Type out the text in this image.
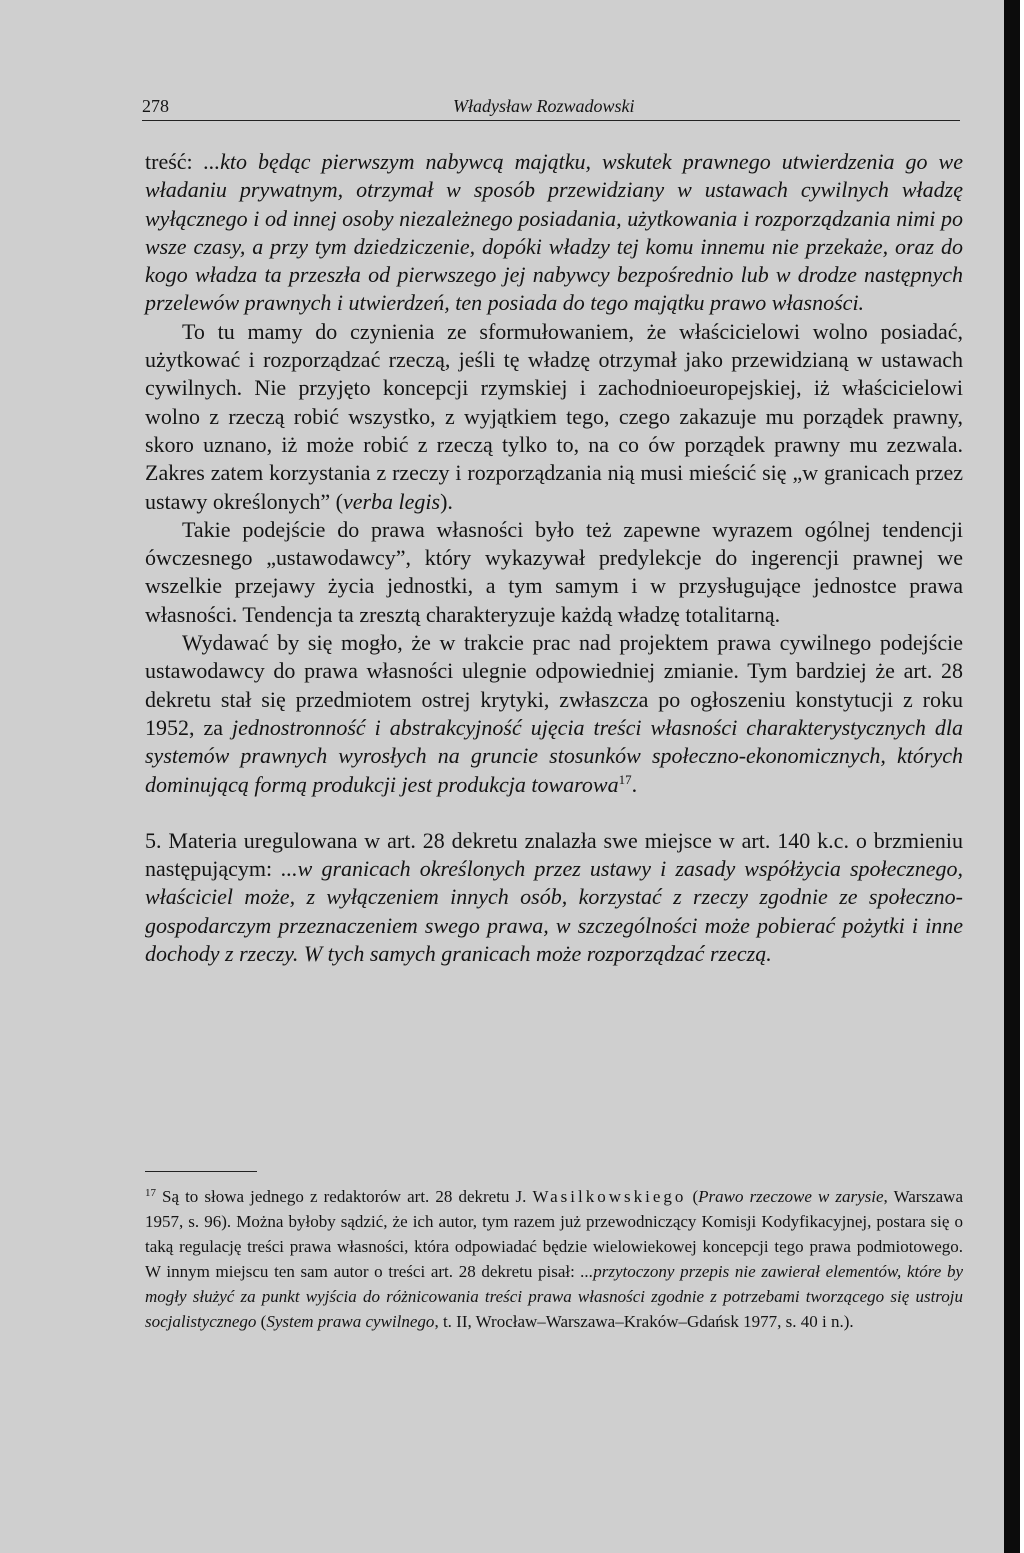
278	Władysław Rozwadowski

treść: ...kto będąc pierwszym nabywcą majątku, wskutek prawnego utwierdzenia go we władaniu prywatnym, otrzymał w sposób przewidziany w ustawach cywilnych władzę wyłącznego i od innej osoby niezależnego posiadania, użytkowania i rozporządzania nimi po wsze czasy, a przy tym dziedziczenie, dopóki władzy tej komu innemu nie przekaże, oraz do kogo władza ta przeszła od pierwszego jej nabywcy bezpośrednio lub w drodze następnych przelewów prawnych i utwierdzeń, ten posiada do tego majątku prawo własności.

To tu mamy do czynienia ze sformułowaniem, że właścicielowi wolno posiadać, użytkować i rozporządzać rzeczą, jeśli tę władzę otrzymał jako przewidzianą w ustawach cywilnych. Nie przyjęto koncepcji rzymskiej i zachodnioeuropejskiej, iż właścicielowi wolno z rzeczą robić wszystko, z wyjątkiem tego, czego zakazuje mu porządek prawny, skoro uznano, iż może robić z rzeczą tylko to, na co ów porządek prawny mu zezwala. Zakres zatem korzystania z rzeczy i rozporządzania nią musi mieścić się „w granicach przez ustawy określonych” (verba legis).

Takie podejście do prawa własności było też zapewne wyrazem ogólnej tendencji ówczesnego „ustawodawcy”, który wykazywał predylekcje do ingerencji prawnej we wszelkie przejawy życia jednostki, a tym samym i w przysługujące jednostce prawa własności. Tendencja ta zresztą charakteryzuje każdą władzę totalitarną.

Wydawać by się mogło, że w trakcie prac nad projektem prawa cywilnego podejście ustawodawcy do prawa własności ulegnie odpowiedniej zmianie. Tym bardziej że art. 28 dekretu stał się przedmiotem ostrej krytyki, zwłaszcza po ogłoszeniu konstytucji z roku 1952, za jednostronność i abstrakcyjność ujęcia treści własności charakterystycznych dla systemów prawnych wyrosłych na gruncie stosunków społeczno-ekonomicznych, których dominującą formą produkcji jest produkcja towarowa$^{17}$.

5. Materia uregulowana w art. 28 dekretu znalazła swe miejsce w art. 140 k.c. o brzmieniu następującym: ...w granicach określonych przez ustawy i zasady współżycia społecznego, właściciel może, z wyłączeniem innych osób, korzystać z rzeczy zgodnie ze społeczno-gospodarczym przeznaczeniem swego prawa, w szczególności może pobierać pożytki i inne dochody z rzeczy. W tych samych granicach może rozporządzać rzeczą.

$^{17}$ Są to słowa jednego z redaktorów art. 28 dekretu J. Wasilkowskiego (Prawo rzeczowe w zarysie, Warszawa 1957, s. 96). Można byłoby sądzić, że ich autor, tym razem już przewodniczący Komisji Kodyfikacyjnej, postara się o taką regulację treści prawa własności, która odpowiadać będzie wielowiekowej koncepcji tego prawa podmiotowego. W innym miejscu ten sam autor o treści art. 28 dekretu pisał: ...przytoczony przepis nie zawierał elementów, które by mogły służyć za punkt wyjścia do różnicowania treści prawa własności zgodnie z potrzebami tworzącego się ustroju socjalistycznego (System prawa cywilnego, t. II, Wrocław–Warszawa–Kraków–Gdańsk 1977, s. 40 i n.).
